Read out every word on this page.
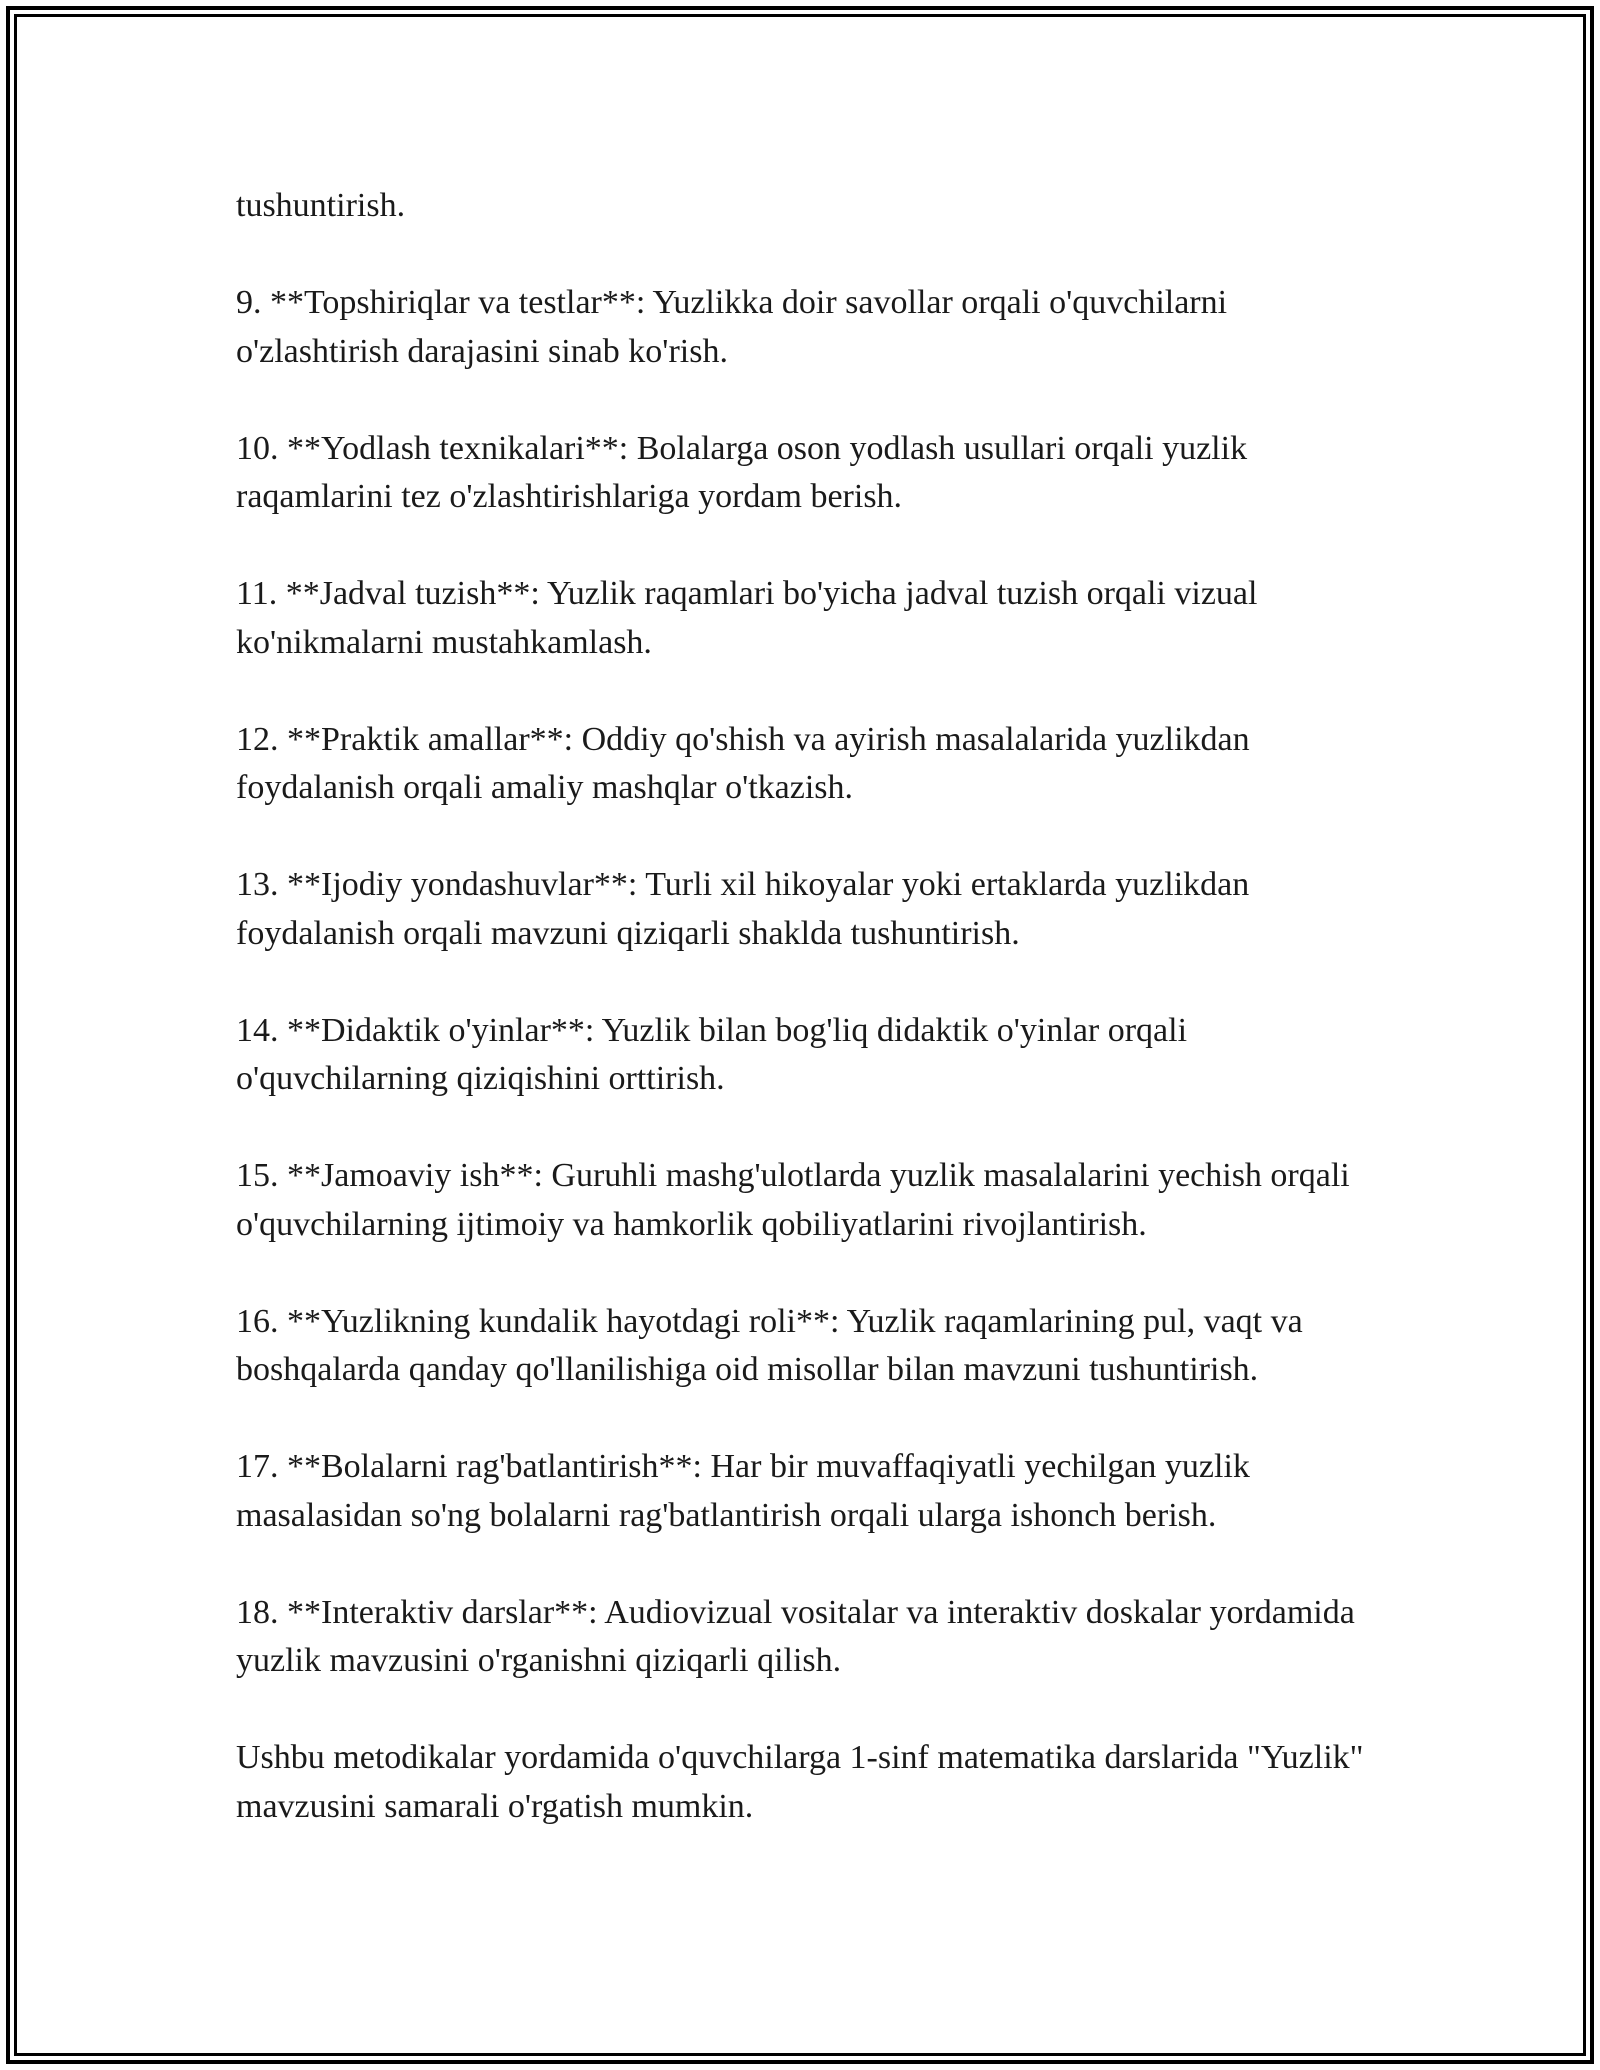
tushuntirish.

9. **Topshiriqlar va testlar**: Yuzlikka doir savollar orqali o'quvchilarni o'zlashtirish darajasini sinab ko'rish.

10. **Yodlash texnikalari**: Bolalarga oson yodlash usullari orqali yuzlik raqamlarini tez o'zlashtirishlariga yordam berish.

11. **Jadval tuzish**: Yuzlik raqamlari bo'yicha jadval tuzish orqali vizual ko'nikmalarni mustahkamlash.

12. **Praktik amallar**: Oddiy qo'shish va ayirish masalalarida yuzlikdan foydalanish orqali amaliy mashqlar o'tkazish.

13. **Ijodiy yondashuvlar**: Turli xil hikoyalar yoki ertaklarda yuzlikdan foydalanish orqali mavzuni qiziqarli shaklda tushuntirish.

14. **Didaktik o'yinlar**: Yuzlik bilan bog'liq didaktik o'yinlar orqali o'quvchilarning qiziqishini orttirish.

15. **Jamoaviy ish**: Guruhli mashg'ulotlarda yuzlik masalalarini yechish orqali o'quvchilarning ijtimoiy va hamkorlik qobiliyatlarini rivojlantirish.

16. **Yuzlikning kundalik hayotdagi roli**: Yuzlik raqamlarining pul, vaqt va boshqalarda qanday qo'llanilishiga oid misollar bilan mavzuni tushuntirish.

17. **Bolalarni rag'batlantirish**: Har bir muvaffaqiyatli yechilgan yuzlik masalasidan so'ng bolalarni rag'batlantirish orqali ularga ishonch berish.

18. **Interaktiv darslar**: Audiovizual vositalar va interaktiv doskalar yordamida yuzlik mavzusini o'rganishni qiziqarli qilish.

Ushbu metodikalar yordamida o'quvchilarga 1-sinf matematika darslarida "Yuzlik" mavzusini samarali o'rgatish mumkin.
